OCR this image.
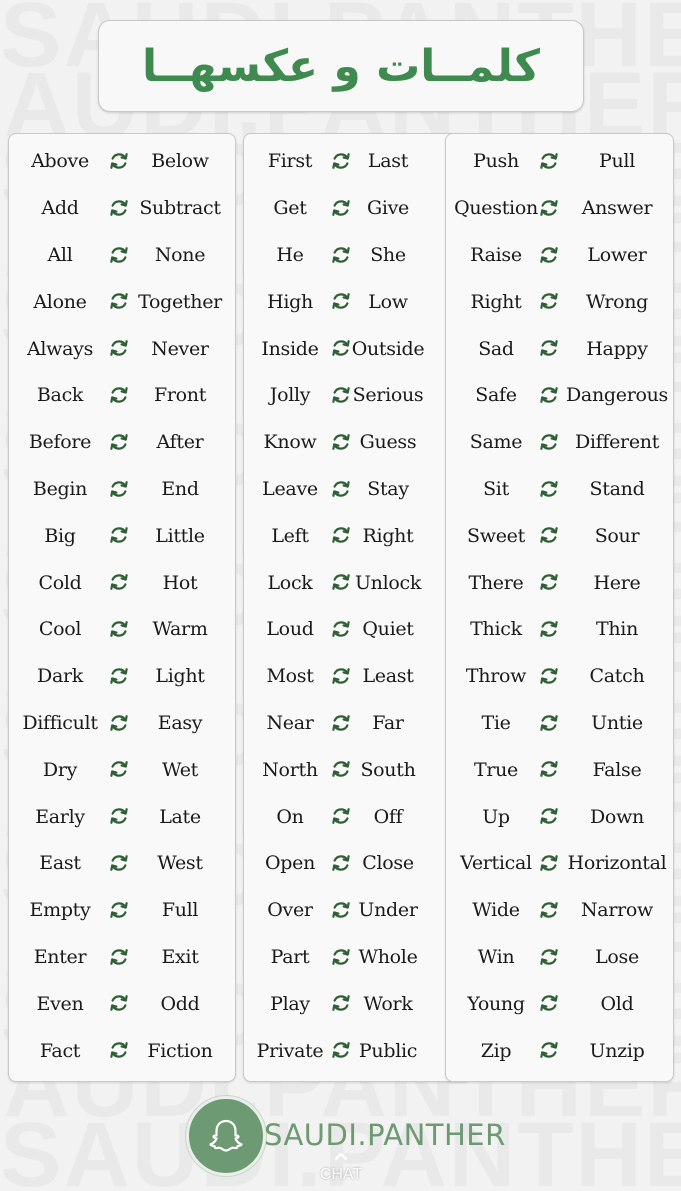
كلمــات و عكسهــا
Above	Below
Add	Subtract
All	None
Alone	Together
Always	Never
Back	Front
Before	After
Begin	End
Big	Little
Cold	Hot
Cool	Warm
Dark	Light
Difficult	Easy
Dry	Wet
Early	Late
East	West
Empty	Full
Enter	Exit
Even	Odd
Fact	Fiction
First	Last
Get	Give
He	She
High	Low
Inside	Outside
Jolly	Serious
Know	Guess
Leave	Stay
Left	Right
Lock	Unlock
Loud	Quiet
Most	Least
Near	Far
North	South
On	Off
Open	Close
Over	Under
Part	Whole
Play	Work
Private	Public
Push	Pull
Question	Answer
Raise	Lower
Right	Wrong
Sad	Happy
Safe	Dangerous
Same	Different
Sit	Stand
Sweet	Sour
There	Here
Thick	Thin
Throw	Catch
Tie	Untie
True	False
Up	Down
Vertical	Horizontal
Wide	Narrow
Win	Lose
Young	Old
Zip	Unzip
SAUDI.PANTHER
CHAT
